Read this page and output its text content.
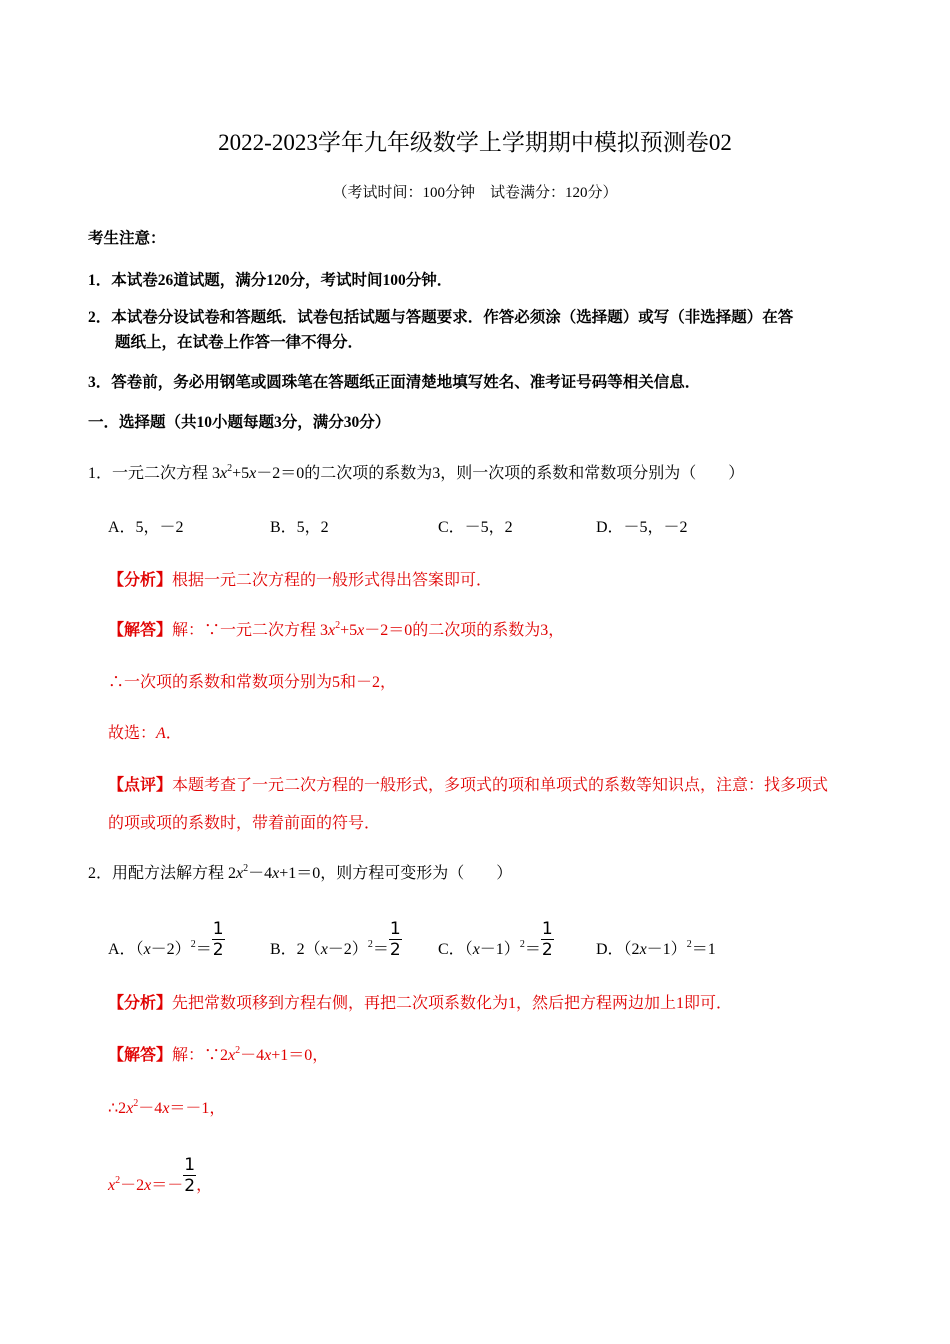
2022-2023学年九年级数学上学期期中模拟预测卷02
（考试时间：100分钟　试卷满分：120分）
考生注意：
1．本试卷26道试题，满分120分，考试时间100分钟．
2．本试卷分设试卷和答题纸．试卷包括试题与答题要求．作答必须涂（选择题）或写（非选择题）在答
题纸上，在试卷上作答一律不得分．
3．答卷前，务必用钢笔或圆珠笔在答题纸正面清楚地填写姓名、准考证号码等相关信息．
一．选择题（共10小题每题3分，满分30分）
1．一元二次方程 $3x^2+5x-2=0$的二次项的系数为3，则一次项的系数和常数项分别为（　　）
A．5，－2	B．5，2	C．－5，2	D．－5，－2
【分析】根据一元二次方程的一般形式得出答案即可．
【解答】解：∵一元二次方程 $3x^2+5x-2=0$的二次项的系数为3，
∴一次项的系数和常数项分别为5和－2，
故选：A．
【点评】本题考查了一元二次方程的一般形式，多项式的项和单项式的系数等知识点，注意：找多项式
的项或项的系数时，带着前面的符号．
2．用配方法解方程 $2x^2-4x+1=0$，则方程可变形为（　　）
A．$(x-2)^2= \frac{1}{2}$	B．$2(x-2)^2= \frac{1}{2}$ C．$(x-1)^2= \frac{1}{2}$	D．$(2x-1)^2=1$
【分析】先把常数项移到方程右侧，再把二次项系数化为1，然后把方程两边加上1即可．
【解答】解：$\because 2x^2-4x+1=0$，
$\therefore 2x^2-4x=-1$，
$x^2-2x=- \frac{1}{2}$ ，
